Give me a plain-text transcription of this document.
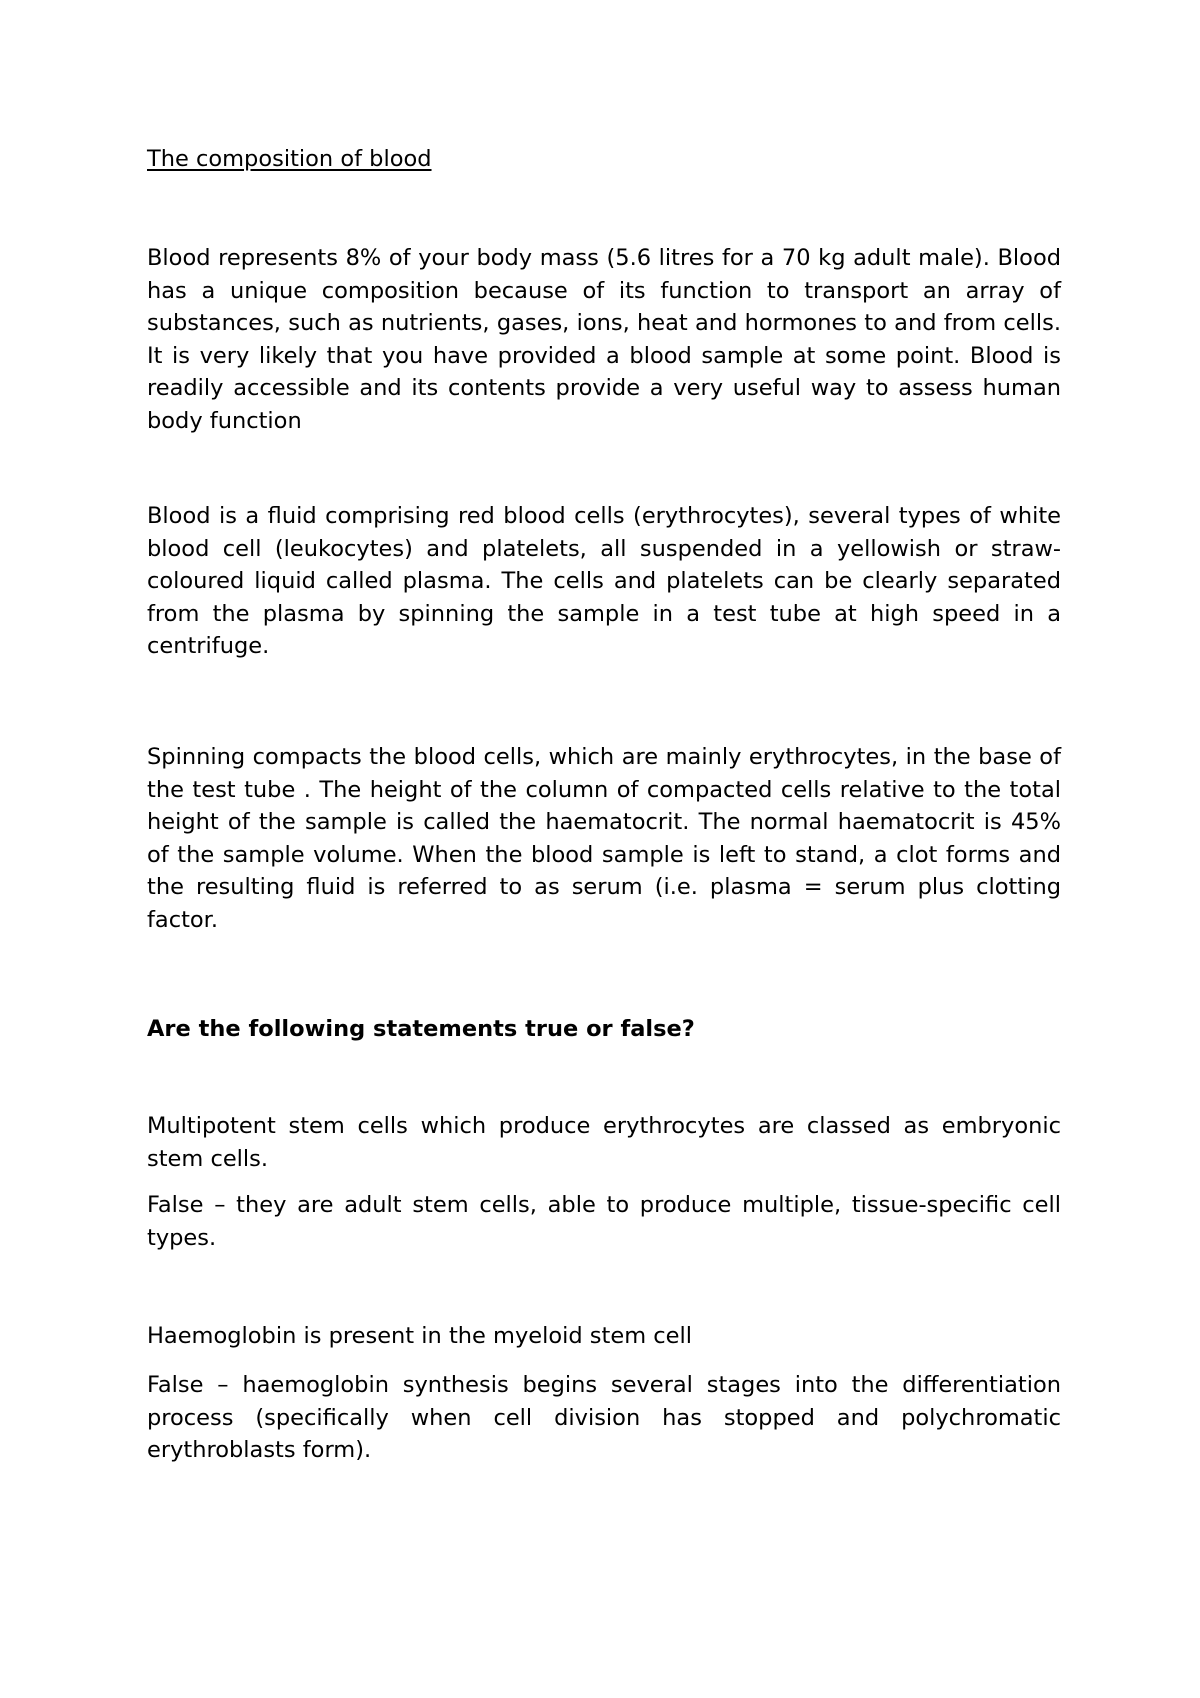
The composition of blood

Blood represents 8% of your body mass (5.6 litres for a 70 kg adult male). Blood has a unique composition because of its function to transport an array of substances, such as nutrients, gases, ions, heat and hormones to and from cells. It is very likely that you have provided a blood sample at some point. Blood is readily accessible and its contents provide a very useful way to assess human body function

Blood is a fluid comprising red blood cells (erythrocytes), several types of white blood cell (leukocytes) and platelets, all suspended in a yellowish or straw-coloured liquid called plasma. The cells and platelets can be clearly separated from the plasma by spinning the sample in a test tube at high speed in a centrifuge.

Spinning compacts the blood cells, which are mainly erythrocytes, in the base of the test tube . The height of the column of compacted cells relative to the total height of the sample is called the haematocrit. The normal haematocrit is 45% of the sample volume. When the blood sample is left to stand, a clot forms and the resulting fluid is referred to as serum (i.e. plasma = serum plus clotting factor.

Are the following statements true or false?

Multipotent stem cells which produce erythrocytes are classed as embryonic stem cells.

False – they are adult stem cells, able to produce multiple, tissue-specific cell types.

Haemoglobin is present in the myeloid stem cell

False – haemoglobin synthesis begins several stages into the differentiation process (specifically when cell division has stopped and polychromatic erythroblasts form).
